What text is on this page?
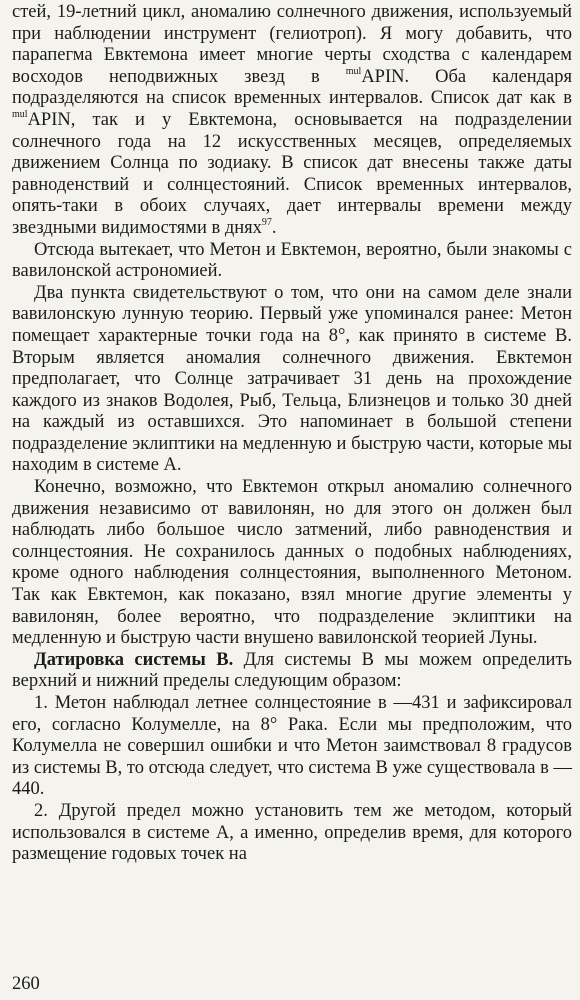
стей, 19-летний цикл, аномалию солнечного движения, используемый при наблюдении инструмент (гелиотроп). Я могу добавить, что парапегма Евктемона имеет многие черты сходства с календарем восходов неподвижных звезд в $^{mul}$APIN. Оба календаря подразделяются на список временных интервалов. Список дат как в $^{mul}$APIN, так и у Евктемона, основывается на подразделении солнечного года на 12 искусственных месяцев, определяемых движением Солнца по зодиаку. В список дат внесены также даты равноденствий и солнцестояний. Список временных интервалов, опять-таки в обоих случаях, дает интервалы времени между звездными видимостями в днях$^{97}$.

Отсюда вытекает, что Метон и Евктемон, вероятно, были знакомы с вавилонской астрономией.

Два пункта свидетельствуют о том, что они на самом деле знали вавилонскую лунную теорию. Первый уже упоминался ранее: Метон помещает характерные точки года на 8°, как принято в системе B. Вторым является аномалия солнечного движения. Евктемон предполагает, что Солнце затрачивает 31 день на прохождение каждого из знаков Водолея, Рыб, Тельца, Близнецов и только 30 дней на каждый из оставшихся. Это напоминает в большой степени подразделение эклиптики на медленную и быструю части, которые мы находим в системе A.

Конечно, возможно, что Евктемон открыл аномалию солнечного движения независимо от вавилонян, но для этого он должен был наблюдать либо большое число затмений, либо равноденствия и солнцестояния. Не сохранилось данных о подобных наблюдениях, кроме одного наблюдения солнцестояния, выполненного Метоном. Так как Евктемон, как показано, взял многие другие элементы у вавилонян, более вероятно, что подразделение эклиптики на медленную и быструю части внушено вавилонской теорией Луны.

Датировка системы B. Для системы B мы можем определить верхний и нижний пределы следующим образом:

1. Метон наблюдал летнее солнцестояние в —431 и зафиксировал его, согласно Колумелле, на 8° Рака. Если мы предположим, что Колумелла не совершил ошибки и что Метон заимствовал 8 градусов из системы B, то отсюда следует, что система B уже существовала в —440.

2. Другой предел можно установить тем же методом, который использовался в системе A, а именно, определив время, для которого размещение годовых точек на

260
